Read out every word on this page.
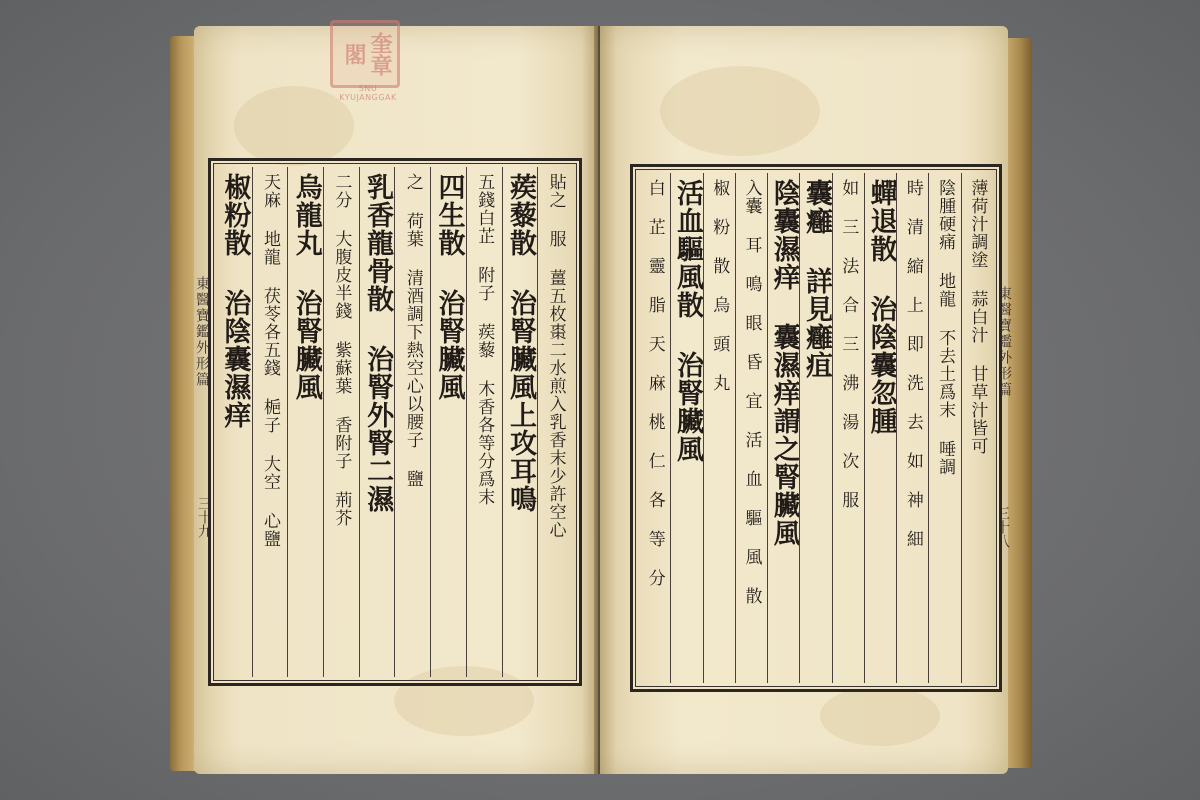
東醫寶鑑外形篇
三十九	貼之 服 薑五枚棗二水煎入乳香末少許空心
蒺藜散 治腎臟風上攻耳鳴
五錢白芷 附子 蒺藜 木香各等分爲末
四生散 治腎臟風
之 荷葉 清酒調下熱空心以腰子 鹽
乳香龍骨散 治腎外腎二濕
二分 大腹皮半錢 紫蘇葉 香附子 荊芥
烏龍丸 治腎臟風
天麻 地龍 茯苓各五錢 梔子 大空 心鹽
椒粉散 治陰囊濕痒	東醫寶鑑外形篇
三十八
薄荷汁調塗 蒜白汁 甘草汁皆可
陰腫硬痛 地龍 不去土爲末 唾調
時 清 縮 上 即 洗 去 如 神 細
蟬退散 治陰囊忽腫
如 三 法 合 三 沸 湯 次 服
囊癰 詳見癰疽
陰囊濕痒 囊濕痒謂之腎臟風
入囊 耳 鳴 眼 昏 宜 活 血 驅 風 散
椒 粉 散 烏 頭 丸
活血驅風散 治腎臟風
白 芷 靈 脂 天 麻 桃 仁 各 等 分
奎章閣
SNU KYUJANGGAK
